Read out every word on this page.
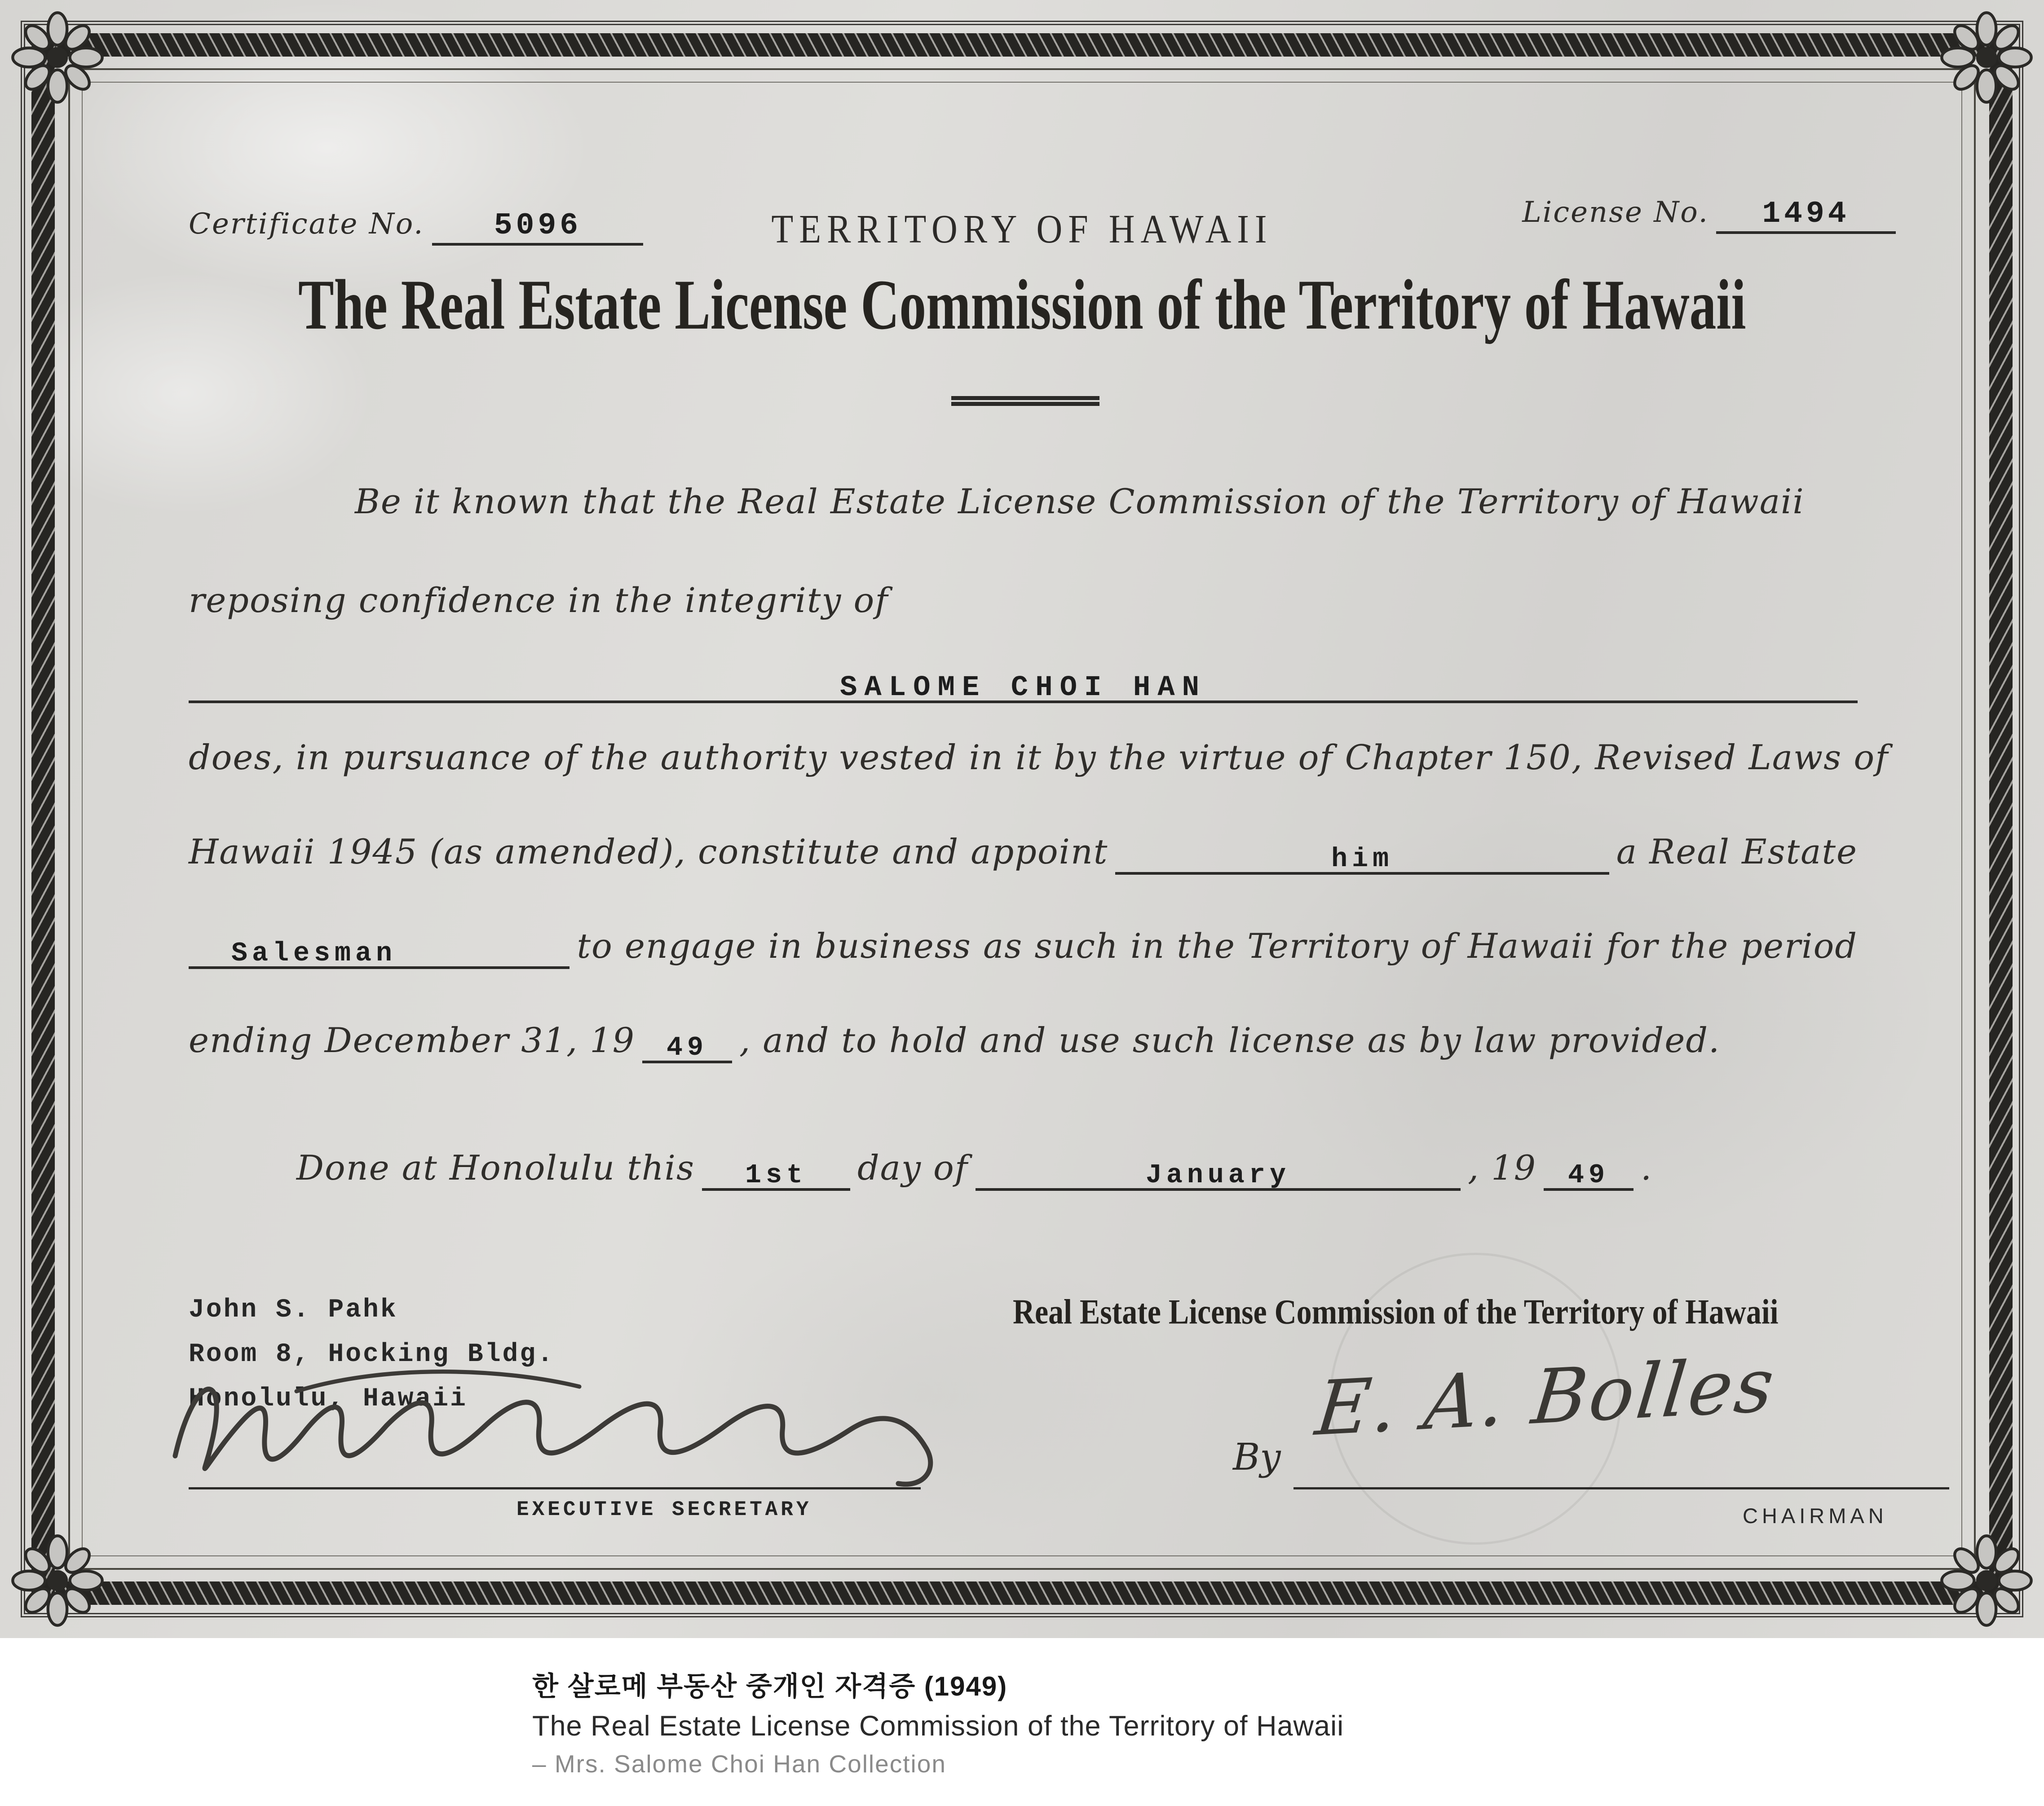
Certificate No.	5096	TERRITORY OF HAWAII	License No.	1494
The Real Estate License Commission of the Territory of Hawaii
Be it known that the Real Estate License Commission of the Territory of Hawaii
reposing confidence in the integrity of
SALOME CHOI HAN
does, in pursuance of the authority vested in it by the virtue of Chapter 150, Revised Laws of
Hawaii 1945 (as amended), constitute and appoint	him	a Real Estate
Salesman	to engage in business as such in the Territory of Hawaii for the period
ending December 31, 19 49 , and to hold and use such license as by law provided.
Done at Honolulu this 1st day of	January	, 19 49 .
John S. Pahk
Room 8, Hocking Bldg.
Honolulu, Hawaii
EXECUTIVE SECRETARY
Real Estate License Commission of the Territory of Hawaii
By
E. A. Bolles
CHAIRMAN
한 살로메 부동산 중개인 자격증 (1949)
The Real Estate License Commission of the Territory of Hawaii
– Mrs. Salome Choi Han Collection
